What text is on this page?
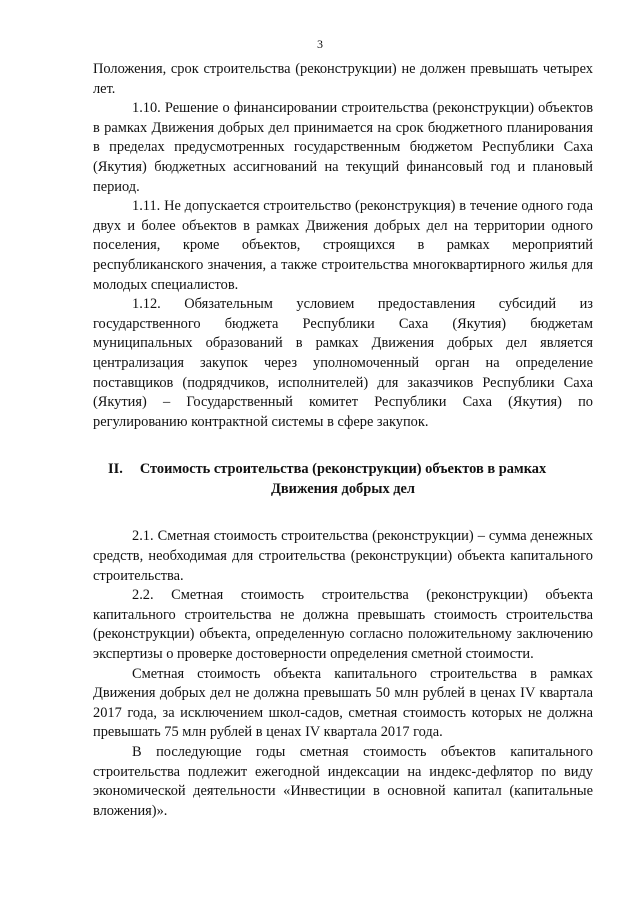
3

Положения, срок строительства (реконструкции) не должен превышать четырех лет.

1.10. Решение о финансировании строительства (реконструкции) объектов в рамках Движения добрых дел принимается на срок бюджетного планирования в пределах предусмотренных государственным бюджетом Республики Саха (Якутия) бюджетных ассигнований на текущий финансовый год и плановый период.

1.11. Не допускается строительство (реконструкция) в течение одного года двух и более объектов в рамках Движения добрых дел на территории одного поселения, кроме объектов, строящихся в рамках мероприятий республиканского значения, а также строительства многоквартирного жилья для молодых специалистов.

1.12. Обязательным условием предоставления субсидий из государственного бюджета Республики Саха (Якутия) бюджетам муниципальных образований в рамках Движения добрых дел является централизация закупок через уполномоченный орган на определение поставщиков (подрядчиков, исполнителей) для заказчиков Республики Саха (Якутия) – Государственный комитет Республики Саха (Якутия) по регулированию контрактной системы в сфере закупок.

II.	Стоимость строительства (реконструкции) объектов в рамках Движения добрых дел

2.1. Сметная стоимость строительства (реконструкции) – сумма денежных средств, необходимая для строительства (реконструкции) объекта капитального строительства.

2.2. Сметная стоимость строительства (реконструкции) объекта капитального строительства не должна превышать стоимость строительства (реконструкции) объекта, определенную согласно положительному заключению экспертизы о проверке достоверности определения сметной стоимости.

Сметная стоимость объекта капитального строительства в рамках Движения добрых дел не должна превышать 50 млн рублей в ценах IV квартала 2017 года, за исключением школ-садов, сметная стоимость которых не должна превышать 75 млн рублей в ценах IV квартала 2017 года.

В последующие годы сметная стоимость объектов капитального строительства подлежит ежегодной индексации на индекс-дефлятор по виду экономической деятельности «Инвестиции в основной капитал (капитальные вложения)».
